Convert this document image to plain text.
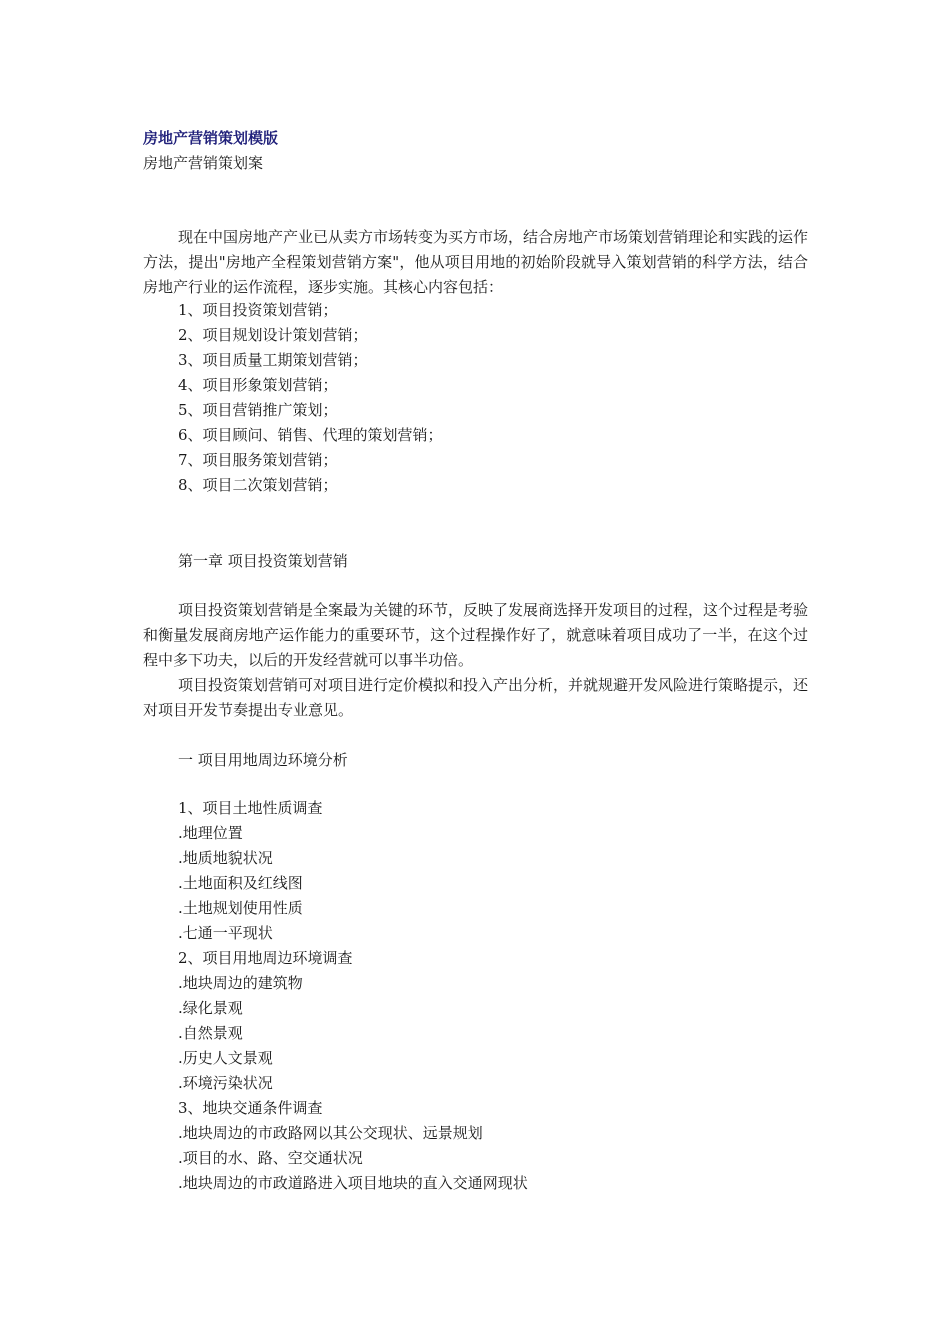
房地产营销策划模版
房地产营销策划案

现在中国房地产产业已从卖方市场转变为买方市场，结合房地产市场策划营销理论和实践的运作方法，提出"房地产全程策划营销方案"，他从项目用地的初始阶段就导入策划营销的科学方法，结合房地产行业的运作流程，逐步实施。其核心内容包括：

1、项目投资策划营销；
2、项目规划设计策划营销；
3、项目质量工期策划营销；
4、项目形象策划营销；
5、项目营销推广策划；
6、项目顾问、销售、代理的策划营销；
7、项目服务策划营销；
8、项目二次策划营销；
第一章 项目投资策划营销

项目投资策划营销是全案最为关键的环节，反映了发展商选择开发项目的过程，这个过程是考验和衡量发展商房地产运作能力的重要环节，这个过程操作好了，就意味着项目成功了一半，在这个过程中多下功夫，以后的开发经营就可以事半功倍。

项目投资策划营销可对项目进行定价模拟和投入产出分析，并就规避开发风险进行策略提示，还对项目开发节奏提出专业意见。

一 项目用地周边环境分析
1、项目土地性质调查
.地理位置
.地质地貌状况
.土地面积及红线图
.土地规划使用性质
.七通一平现状
2、项目用地周边环境调查
.地块周边的建筑物
.绿化景观
.自然景观
.历史人文景观
.环境污染状况
3、地块交通条件调查
.地块周边的市政路网以其公交现状、远景规划
.项目的水、路、空交通状况
.地块周边的市政道路进入项目地块的直入交通网现状
